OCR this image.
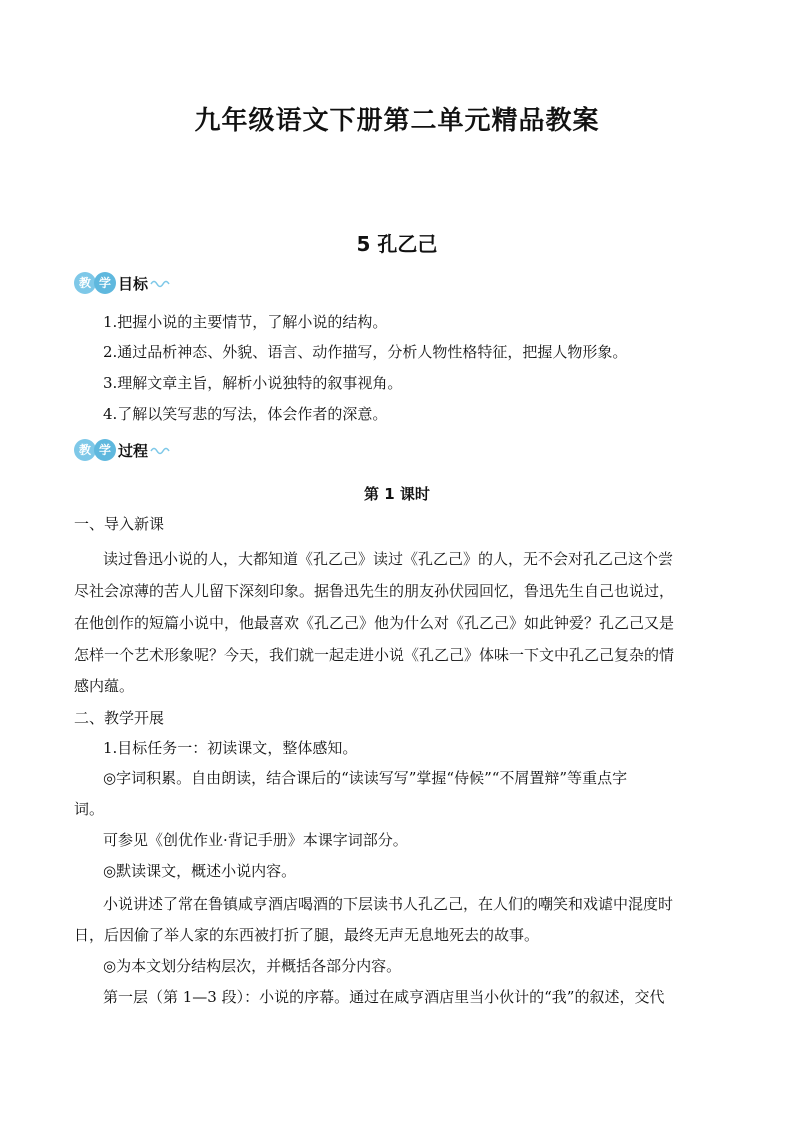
九年级语文下册第二单元精品教案
5 孔乙己
教 学 目标
1.把握小说的主要情节，了解小说的结构。
2.通过品析神态、外貌、语言、动作描写，分析人物性格特征，把握人物形象。
3.理解文章主旨，解析小说独特的叙事视角。
4.了解以笑写悲的写法，体会作者的深意。
教 学 过程
第 1 课时
一、导入新课
读过鲁迅小说的人，大都知道《孔乙己》读过《孔乙己》的人，无不会对孔乙己这个尝
尽社会凉薄的苦人儿留下深刻印象。据鲁迅先生的朋友孙伏园回忆，鲁迅先生自己也说过，
在他创作的短篇小说中，他最喜欢《孔乙己》他为什么对《孔乙己》如此钟爱？孔乙己又是
怎样一个艺术形象呢？今天，我们就一起走进小说《孔乙己》体味一下文中孔乙己复杂的情
感内蕴。
二、教学开展
1.目标任务一：初读课文，整体感知。
◎字词积累。自由朗读，结合课后的“读读写写”掌握“侍候”“不屑置辩”等重点字
词。
可参见《创优作业·背记手册》本课字词部分。
◎默读课文，概述小说内容。
小说讲述了常在鲁镇咸亨酒店喝酒的下层读书人孔乙己，在人们的嘲笑和戏谑中混度时
日，后因偷了举人家的东西被打折了腿，最终无声无息地死去的故事。
◎为本文划分结构层次，并概括各部分内容。
第一层（第 1—3 段）：小说的序幕。通过在咸亨酒店里当小伙计的“我”的叙述，交代
